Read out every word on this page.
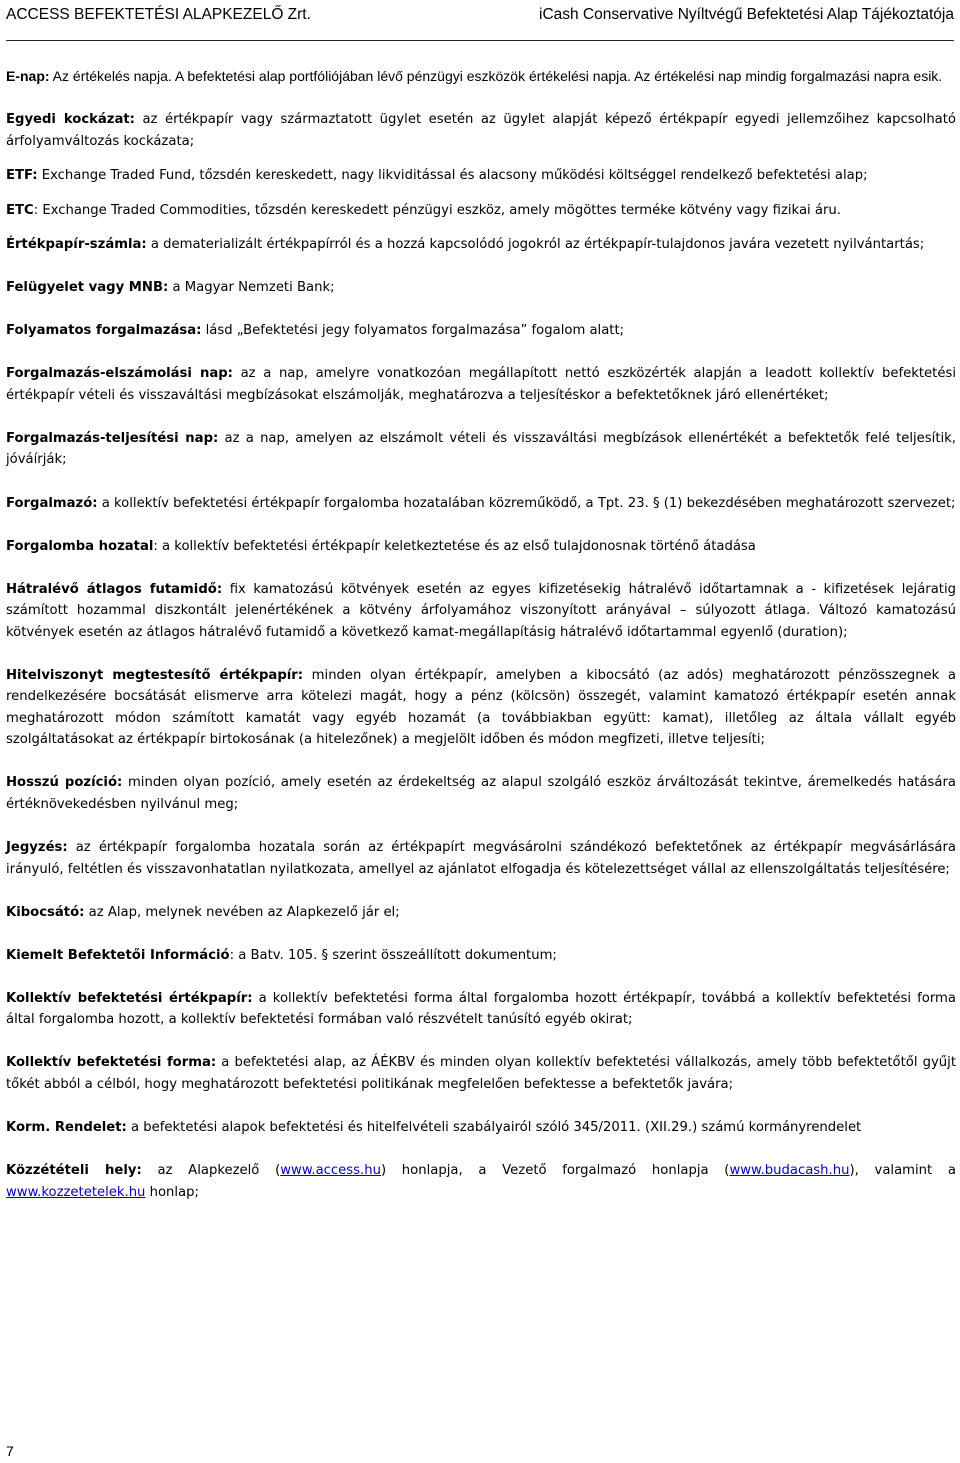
ACCESS BEFEKTETÉSI ALAPKEZELŐ Zrt.	iCash Conservative Nyíltvégű Befektetési Alap Tájékoztatója

E-nap: Az értékelés napja. A befektetési alap portfóliójában lévő pénzügyi eszközök értékelési napja. Az értékelési nap mindig forgalmazási napra esik.

Egyedi kockázat: az értékpapír vagy származtatott ügylet esetén az ügylet alapját képező értékpapír egyedi jellemzőihez kapcsolható árfolyamváltozás kockázata;

ETF: Exchange Traded Fund, tőzsdén kereskedett, nagy likviditással és alacsony működési költséggel rendelkező befektetési alap;

ETC: Exchange Traded Commodities, tőzsdén kereskedett pénzügyi eszköz, amely mögöttes terméke kötvény vagy fizikai áru.

Értékpapír-számla: a dematerializált értékpapírról és a hozzá kapcsolódó jogokról az értékpapír-tulajdonos javára vezetett nyilvántartás;

Felügyelet vagy MNB: a Magyar Nemzeti Bank;

Folyamatos forgalmazása: lásd „Befektetési jegy folyamatos forgalmazása” fogalom alatt;

Forgalmazás-elszámolási nap: az a nap, amelyre vonatkozóan megállapított nettó eszközérték alapján a leadott kollektív befektetési értékpapír vételi és visszaváltási megbízásokat elszámolják, meghatározva a teljesítéskor a befektetőknek járó ellenértéket;

Forgalmazás-teljesítési nap: az a nap, amelyen az elszámolt vételi és visszaváltási megbízások ellenértékét a befektetők felé teljesítik, jóváírják;

Forgalmazó: a kollektív befektetési értékpapír forgalomba hozatalában közreműködő, a Tpt. 23. § (1) bekezdésében meghatározott szervezet;

Forgalomba hozatal: a kollektív befektetési értékpapír keletkeztetése és az első tulajdonosnak történő átadása

Hátralévő átlagos futamidő: fix kamatozású kötvények esetén az egyes kifizetésekig hátralévő időtartamnak a - kifizetések lejáratig számított hozammal diszkontált jelenértékének a kötvény árfolyamához viszonyított arányával – súlyozott átlaga. Változó kamatozású kötvények esetén az átlagos hátralévő futamidő a következő kamat-megállapításig hátralévő időtartammal egyenlő (duration);

Hitelviszonyt megtestesítő értékpapír: minden olyan értékpapír, amelyben a kibocsátó (az adós) meghatározott pénzösszegnek a rendelkezésére bocsátását elismerve arra kötelezi magát, hogy a pénz (kölcsön) összegét, valamint kamatozó értékpapír esetén annak meghatározott módon számított kamatát vagy egyéb hozamát (a továbbiakban együtt: kamat), illetőleg az általa vállalt egyéb szolgáltatásokat az értékpapír birtokosának (a hitelezőnek) a megjelölt időben és módon megfizeti, illetve teljesíti;

Hosszú pozíció: minden olyan pozíció, amely esetén az érdekeltség az alapul szolgáló eszköz árváltozását tekintve, áremelkedés hatására értéknövekedésben nyilvánul meg;

Jegyzés: az értékpapír forgalomba hozatala során az értékpapírt megvásárolni szándékozó befektetőnek az értékpapír megvásárlására irányuló, feltétlen és visszavonhatatlan nyilatkozata, amellyel az ajánlatot elfogadja és kötelezettséget vállal az ellenszolgáltatás teljesítésére;

Kibocsátó: az Alap, melynek nevében az Alapkezelő jár el;

Kiemelt Befektetői Információ: a Batv. 105. § szerint összeállított dokumentum;

Kollektív befektetési értékpapír: a kollektív befektetési forma által forgalomba hozott értékpapír, továbbá a kollektív befektetési forma által forgalomba hozott, a kollektív befektetési formában való részvételt tanúsító egyéb okirat;

Kollektív befektetési forma: a befektetési alap, az ÁÉKBV és minden olyan kollektív befektetési vállalkozás, amely több befektetőtől gyűjt tőkét abból a célból, hogy meghatározott befektetési politikának megfelelően befektesse a befektetők javára;

Korm. Rendelet: a befektetési alapok befektetési és hitelfelvételi szabályairól szóló 345/2011. (XII.29.) számú kormányrendelet

Közzétételi hely: az Alapkezelő (www.access.hu) honlapja, a Vezető forgalmazó honlapja (www.budacash.hu), valamint a www.kozzetetelek.hu honlap;

7
